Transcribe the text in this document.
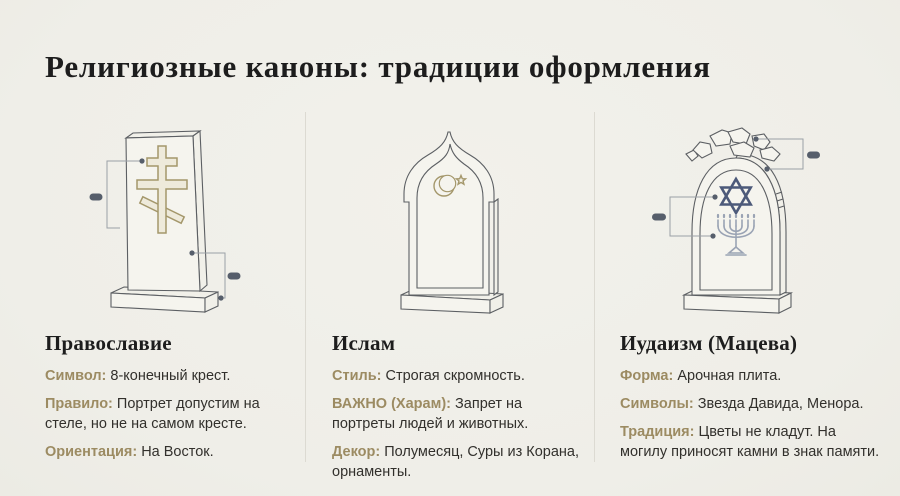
Религиозные каноны: традиции оформления
Православие

Символ: 8-конечный крест.

Правило: Портрет допустим на стеле, но не на самом кресте.

Ориентация: На Восток.

Ислам

Стиль: Строгая скромность.

ВАЖНО (Харам): Запрет на портреты людей и животных.

Декор: Полумесяц, Суры из Корана, орнаменты.

Иудаизм (Мацева)

Форма: Арочная плита.

Символы: Звезда Давида, Менора.

Традиция: Цветы не кладут. На могилу приносят камни в знак памяти.
